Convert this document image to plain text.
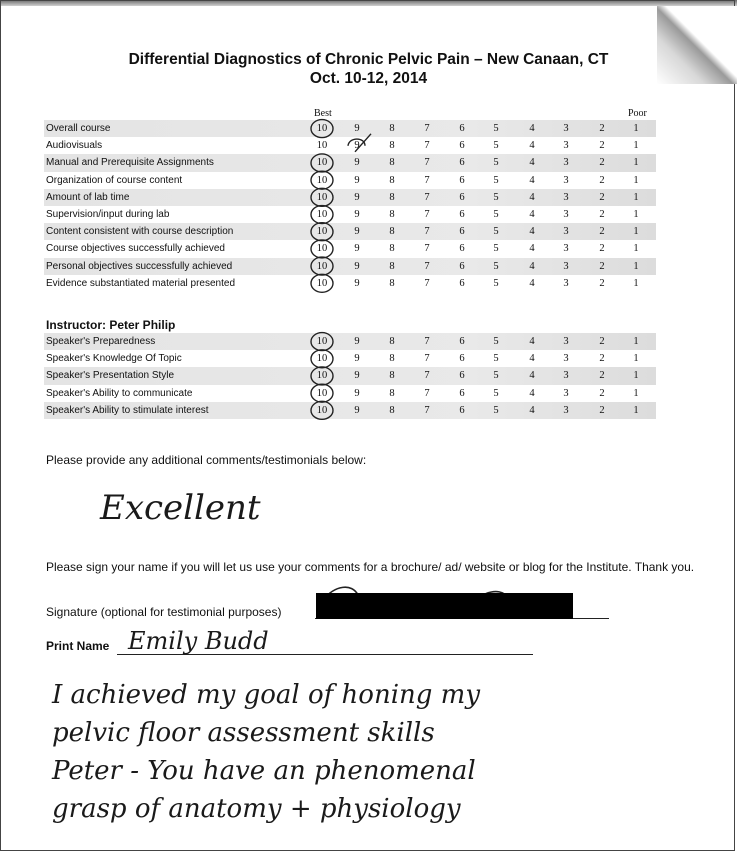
Differential Diagnostics of Chronic Pelvic Pain – New Canaan, CT
Oct. 10-12, 2014
Best	Poor
Overall course	10	9	8	7	6	5	4	3	2	1
Audiovisuals	10	9	8	7	6	5	4	3	2	1
Manual and Prerequisite Assignments	10	9	8	7	6	5	4	3	2	1
Organization of course content	10	9	8	7	6	5	4	3	2	1
Amount of lab time	10	9	8	7	6	5	4	3	2	1
Supervision/input during lab	10	9	8	7	6	5	4	3	2	1
Content consistent with course description	10	9	8	7	6	5	4	3	2	1
Course objectives successfully achieved	10	9	8	7	6	5	4	3	2	1
Personal objectives successfully achieved	10	9	8	7	6	5	4	3	2	1
Evidence substantiated material presented	10	9	8	7	6	5	4	3	2	1
Instructor: Peter Philip
Speaker's Preparedness	10	9	8	7	6	5	4	3	2	1
Speaker's Knowledge Of Topic	10	9	8	7	6	5	4	3	2	1
Speaker's Presentation Style	10	9	8	7	6	5	4	3	2	1
Speaker's Ability to communicate	10	9	8	7	6	5	4	3	2	1
Speaker's Ability to stimulate interest	10	9	8	7	6	5	4	3	2	1
Please provide any additional comments/testimonials below:
Excellent
Please sign your name if you will let us use your comments for a brochure/ ad/ website or blog for the Institute. Thank you.
Signature (optional for testimonial purposes)
Print Name Emily Budd
I achieved my goal of honing my
pelvic floor assessment skills
Peter - You have an phenomenal
grasp of anatomy + physiology
